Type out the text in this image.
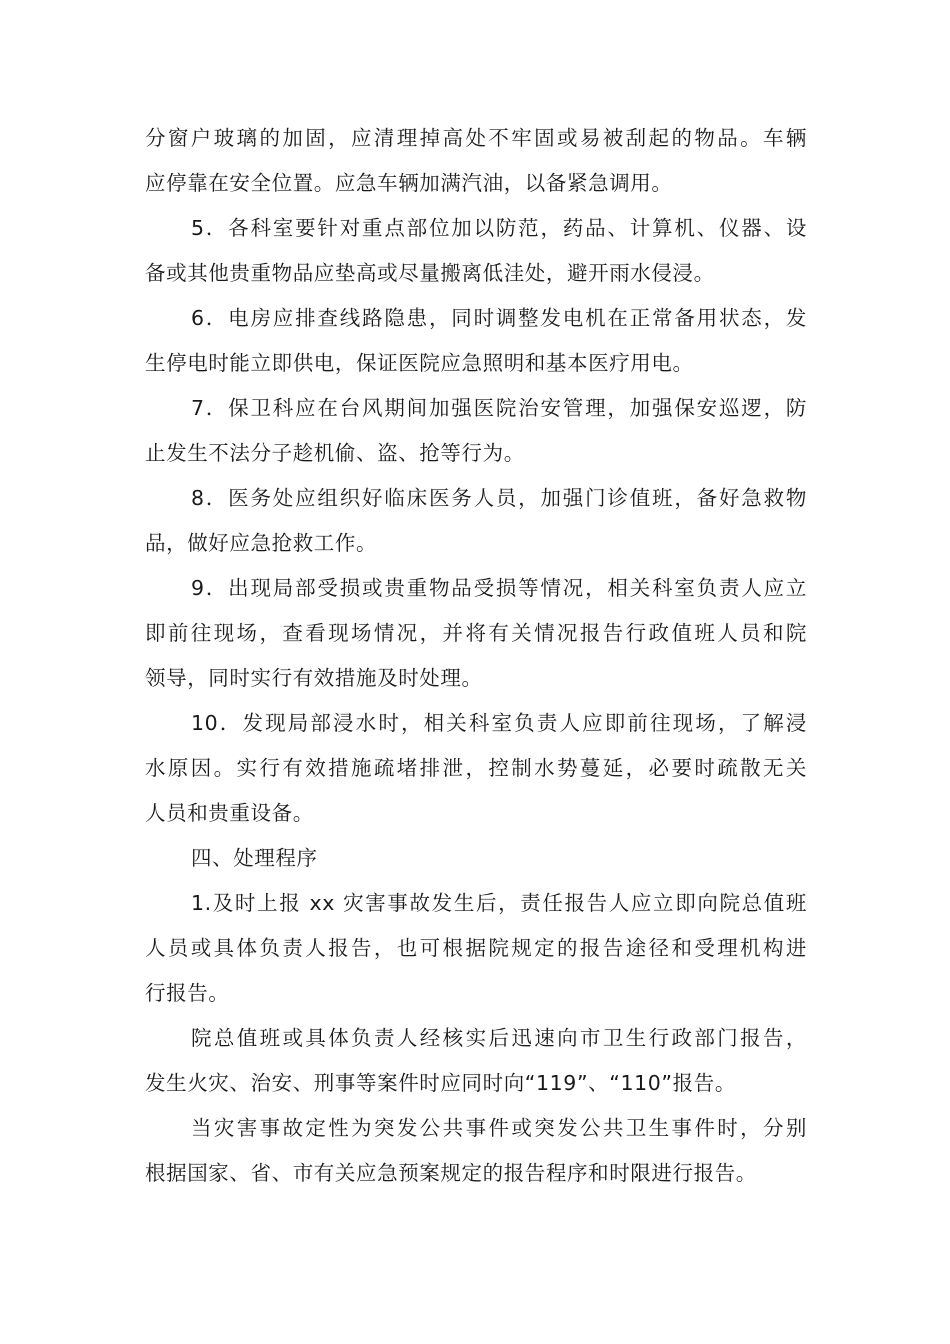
分窗户玻璃的加固，应清理掉高处不牢固或易被刮起的物品。车辆
应停靠在安全位置。应急车辆加满汽油，以备紧急调用。
5．各科室要针对重点部位加以防范，药品、计算机、仪器、设
备或其他贵重物品应垫高或尽量搬离低洼处，避开雨水侵浸。
6．电房应排查线路隐患，同时调整发电机在正常备用状态，发
生停电时能立即供电，保证医院应急照明和基本医疗用电。
7．保卫科应在台风期间加强医院治安管理，加强保安巡逻，防
止发生不法分子趁机偷、盗、抢等行为。
8．医务处应组织好临床医务人员，加强门诊值班，备好急救物
品，做好应急抢救工作。
9．出现局部受损或贵重物品受损等情况，相关科室负责人应立
即前往现场，查看现场情况，并将有关情况报告行政值班人员和院
领导，同时实行有效措施及时处理。
10．发现局部浸水时，相关科室负责人应即前往现场，了解浸
水原因。实行有效措施疏堵排泄，控制水势蔓延，必要时疏散无关
人员和贵重设备。
四、处理程序
1.及时上报 xx 灾害事故发生后，责任报告人应立即向院总值班
人员或具体负责人报告，也可根据院规定的报告途径和受理机构进
行报告。
院总值班或具体负责人经核实后迅速向市卫生行政部门报告，
发生火灾、治安、刑事等案件时应同时向“119”、“110”报告。
当灾害事故定性为突发公共事件或突发公共卫生事件时，分别
根据国家、省、市有关应急预案规定的报告程序和时限进行报告。
